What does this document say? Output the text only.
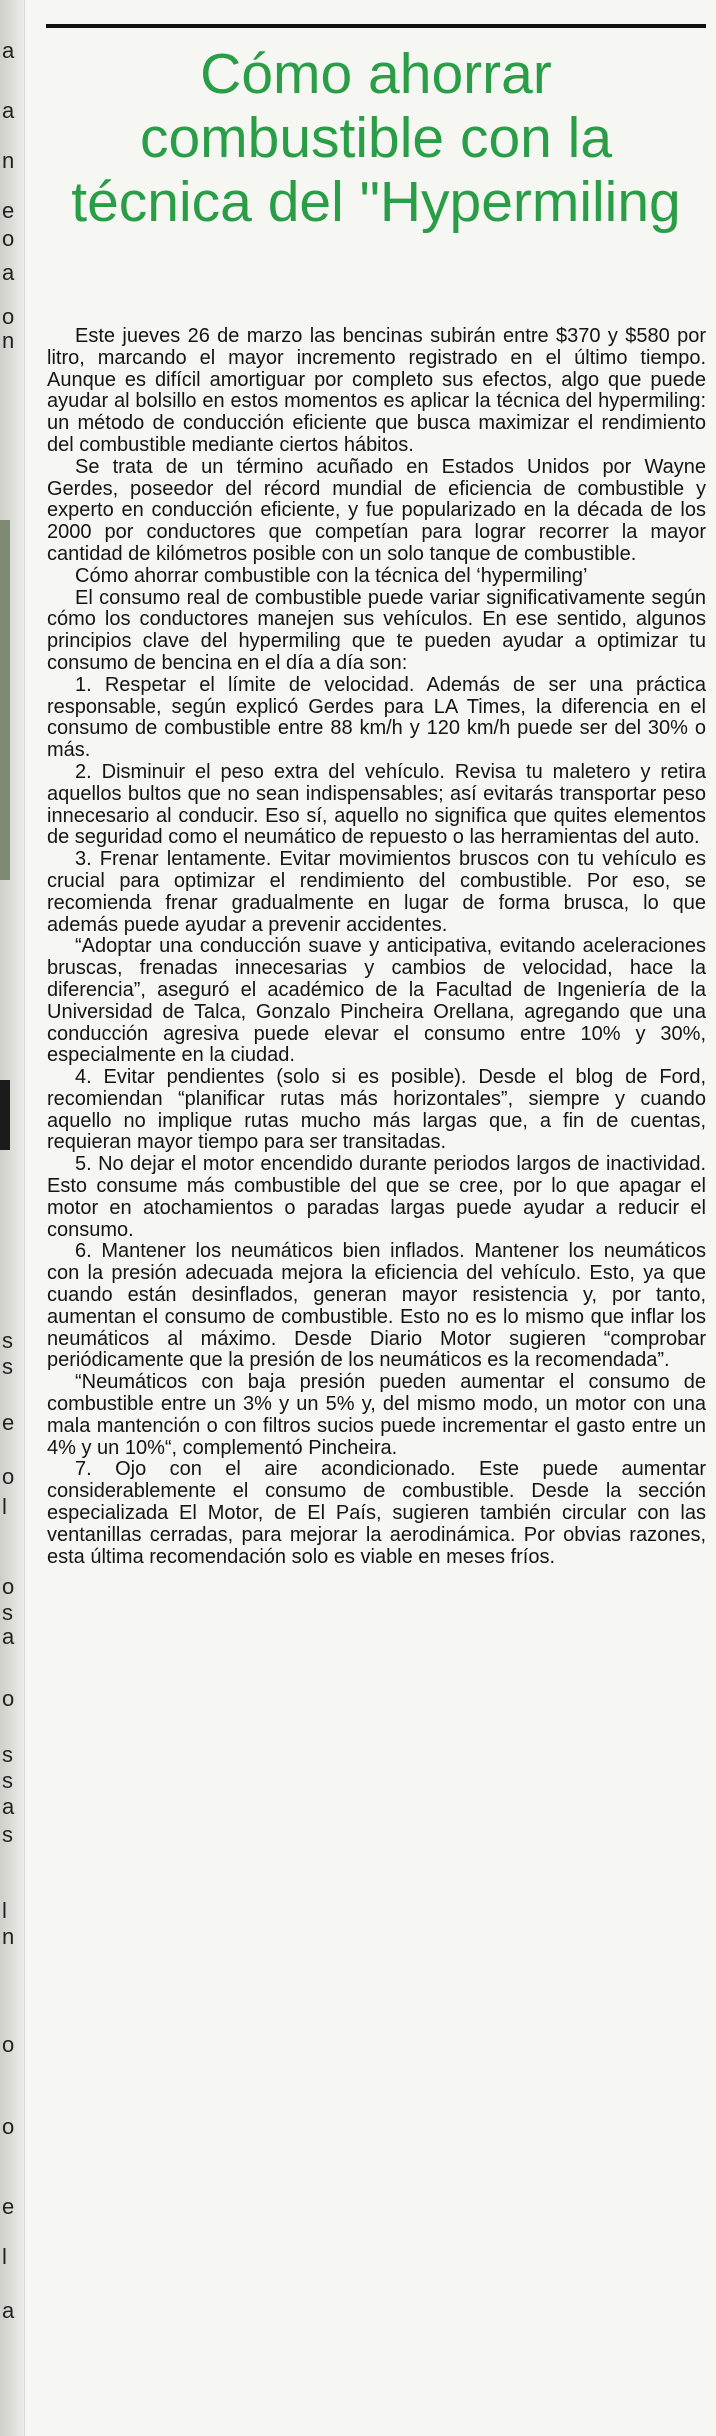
a
a
n
e
o
a
o
n
s
s
e
o
l
o
s
a
o
s
s
a
s
l
n
o
o
e
l
a
Cómo ahorrar combustible con la técnica del "Hypermiling

Este jueves 26 de marzo las bencinas subirán entre $370 y $580 por litro, marcando el mayor incremento registrado en el último tiempo. Aunque es difícil amortiguar por completo sus efectos, algo que puede ayudar al bolsillo en estos momentos es aplicar la técnica del hypermiling: un método de conducción eficiente que busca maximizar el rendimiento del combustible mediante ciertos hábitos.

Se trata de un término acuñado en Estados Unidos por Wayne Gerdes, poseedor del récord mundial de eficiencia de combustible y experto en conducción eficiente, y fue popularizado en la década de los 2000 por conductores que competían para lograr recorrer la mayor cantidad de kilómetros posible con un solo tanque de combustible.

Cómo ahorrar combustible con la técnica del ‘hypermiling’

El consumo real de combustible puede variar significativamente según cómo los conductores manejen sus vehículos. En ese sentido, algunos principios clave del hypermiling que te pueden ayudar a optimizar tu consumo de bencina en el día a día son:

1. Respetar el límite de velocidad. Además de ser una práctica responsable, según explicó Gerdes para LA Times, la diferencia en el consumo de combustible entre 88 km/h y 120 km/h puede ser del 30% o más.

2. Disminuir el peso extra del vehículo. Revisa tu maletero y retira aquellos bultos que no sean indispensables; así evitarás transportar peso innecesario al conducir. Eso sí, aquello no significa que quites elementos de seguridad como el neumático de repuesto o las herramientas del auto.

3. Frenar lentamente. Evitar movimientos bruscos con tu vehículo es crucial para optimizar el rendimiento del combustible. Por eso, se recomienda frenar gradualmente en lugar de forma brusca, lo que además puede ayudar a prevenir accidentes.

“Adoptar una conducción suave y anticipativa, evitando aceleraciones bruscas, frenadas innecesarias y cambios de velocidad, hace la diferencia”, aseguró el académico de la Facultad de Ingeniería de la Universidad de Talca, Gonzalo Pincheira Orellana, agregando que una conducción agresiva puede elevar el consumo entre 10% y 30%, especialmente en la ciudad.

4. Evitar pendientes (solo si es posible). Desde el blog de Ford, recomiendan “planificar rutas más horizontales”, siempre y cuando aquello no implique rutas mucho más largas que, a fin de cuentas, requieran mayor tiempo para ser transitadas.

5. No dejar el motor encendido durante periodos largos de inactividad. Esto consume más combustible del que se cree, por lo que apagar el motor en atochamientos o paradas largas puede ayudar a reducir el consumo.

6. Mantener los neumáticos bien inflados. Mantener los neumáticos con la presión adecuada mejora la eficiencia del vehículo. Esto, ya que cuando están desinflados, generan mayor resistencia y, por tanto, aumentan el consumo de combustible. Esto no es lo mismo que inflar los neumáticos al máximo. Desde Diario Motor sugieren “comprobar periódicamente que la presión de los neumáticos es la recomendada”.

“Neumáticos con baja presión pueden aumentar el consumo de combustible entre un 3% y un 5% y, del mismo modo, un motor con una mala mantención o con filtros sucios puede incrementar el gasto entre un 4% y un 10%“, complementó Pincheira.

7. Ojo con el aire acondicionado. Este puede aumentar considerablemente el consumo de combustible. Desde la sección especializada El Motor, de El País, sugieren también circular con las ventanillas cerradas, para mejorar la aerodinámica. Por obvias razones, esta última recomendación solo es viable en meses fríos.
